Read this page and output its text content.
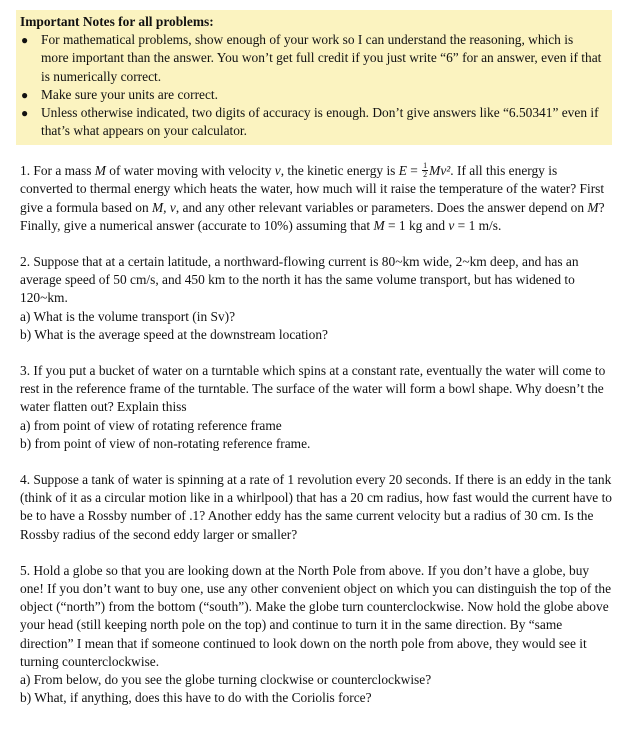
Important Notes for all problems:

● For mathematical problems, show enough of your work so I can understand the reasoning, which is more important than the answer. You won’t get full credit if you just write “6” for an answer, even if that is numerically correct.
● Make sure your units are correct.
● Unless otherwise indicated, two digits of accuracy is enough. Don’t give answers like “6.50341” even if that’s what appears on your calculator.

1. For a mass M of water moving with velocity v, the kinetic energy is $E = \frac{1}{2} Mv^2$. If all this energy is converted to thermal energy which heats the water, how much will it raise the temperature of the water? First give a formula based on M, v, and any other relevant variables or parameters. Does the answer depend on M? Finally, give a numerical answer (accurate to 10%) assuming that M = 1 kg and v = 1 m/s.

2. Suppose that at a certain latitude, a northward-flowing current is 80~km wide, 2~km deep, and has an average speed of 50 cm/s, and 450 km to the north it has the same volume transport, but has widened to 120~km.

a) What is the volume transport (in Sv)?

b) What is the average speed at the downstream location?

3. If you put a bucket of water on a turntable which spins at a constant rate, eventually the water will come to rest in the reference frame of the turntable. The surface of the water will form a bowl shape. Why doesn’t the water flatten out? Explain thiss

a) from point of view of rotating reference frame

b) from point of view of non-rotating reference frame.

4. Suppose a tank of water is spinning at a rate of 1 revolution every 20 seconds. If there is an eddy in the tank (think of it as a circular motion like in a whirlpool) that has a 20 cm radius, how fast would the current have to be to have a Rossby number of .1? Another eddy has the same current velocity but a radius of 30 cm. Is the Rossby radius of the second eddy larger or smaller?

5. Hold a globe so that you are looking down at the North Pole from above. If you don’t have a globe, buy one! If you don’t want to buy one, use any other convenient object on which you can distinguish the top of the object (“north”) from the bottom (“south”). Make the globe turn counterclockwise. Now hold the globe above your head (still keeping north pole on the top) and continue to turn it in the same direction. By “same direction” I mean that if someone continued to look down on the north pole from above, they would see it turning counterclockwise.

a) From below, do you see the globe turning clockwise or counterclockwise?

b) What, if anything, does this have to do with the Coriolis force?
